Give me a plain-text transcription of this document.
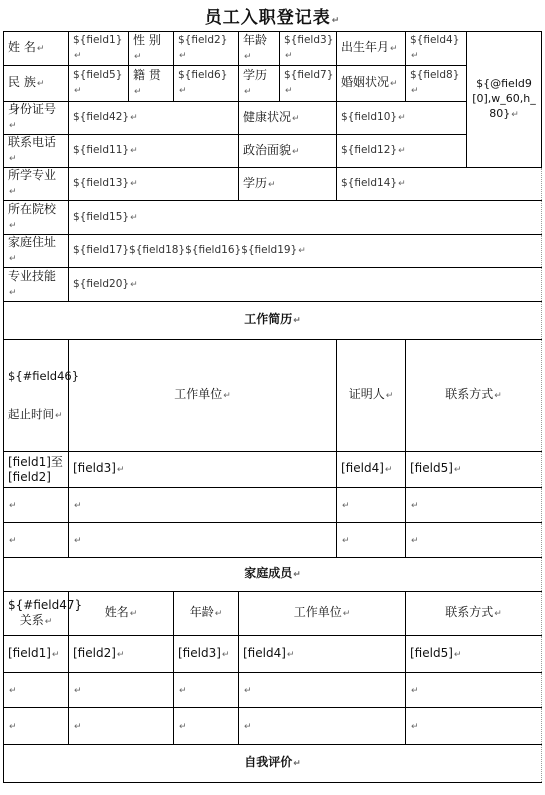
员工入职登记表 ↵
姓 名 ↵	${field1} ↵	性 别 ↵	${field2} ↵	年龄 ↵	${field3} ↵	出生年月 ↵	${field4} ↵	${@field9[0],w_60,h_80} ↵
民 族 ↵	${field5} ↵	籍 贯 ↵	${field6} ↵	学历 ↵	${field7} ↵	婚姻状况 ↵	${field8} ↵
身份证号 ↵	${field42} ↵			健康状况 ↵		${field10} ↵
联系电话 ↵	${field11} ↵			政治面貌 ↵		${field12} ↵
所学专业 ↵	${field13} ↵			学历 ↵		${field14} ↵
所在院校 ↵	${field15} ↵
家庭住址 ↵	${field17}${field18}${field16}${field19} ↵
专业技能 ↵	${field20} ↵
工作简历 ↵
${#field46}起止时间 ↵	工作单位 ↵					证明人 ↵	联系方式 ↵
[field1]至[field2]	[field3] ↵					[field4] ↵	[field5] ↵
↵	↵	↵	↵
↵	↵	↵	↵
家庭成员 ↵
${#field47}关系 ↵	姓名 ↵		年龄 ↵	工作单位 ↵			联系方式 ↵
[field1] ↵	[field2] ↵		[field3] ↵	[field4] ↵			[field5] ↵
↵	↵	↵	↵	↵
↵	↵	↵	↵	↵
自我评价 ↵
